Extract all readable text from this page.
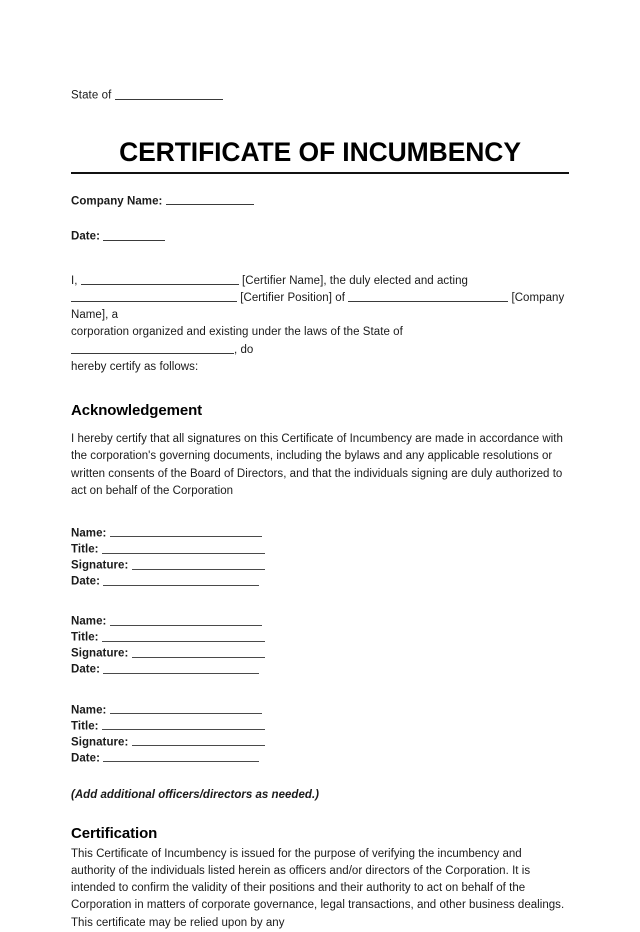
State of
CERTIFICATE OF INCUMBENCY
Company Name:
Date:
I,	[Certifier Name], the duly elected and acting
[Certifier Position] of	[Company Name], a
corporation organized and existing under the laws of the State of , do
hereby certify as follows:
Acknowledgement

I hereby certify that all signatures on this Certificate of Incumbency are made in accordance with the corporation's governing documents, including the bylaws and any applicable resolutions or written consents of the Board of Directors, and that the individuals signing are duly authorized to act on behalf of the Corporation

Name:
Title:
Signature:
Date:
Name:
Title:
Signature:
Date:
Name:
Title:
Signature:
Date:
(Add additional officers/directors as needed.)
Certification

This Certificate of Incumbency is issued for the purpose of verifying the incumbency and authority of the individuals listed herein as officers and/or directors of the Corporation. It is intended to confirm the validity of their positions and their authority to act on behalf of the Corporation in matters of corporate governance, legal transactions, and other business dealings. This certificate may be relied upon by any
